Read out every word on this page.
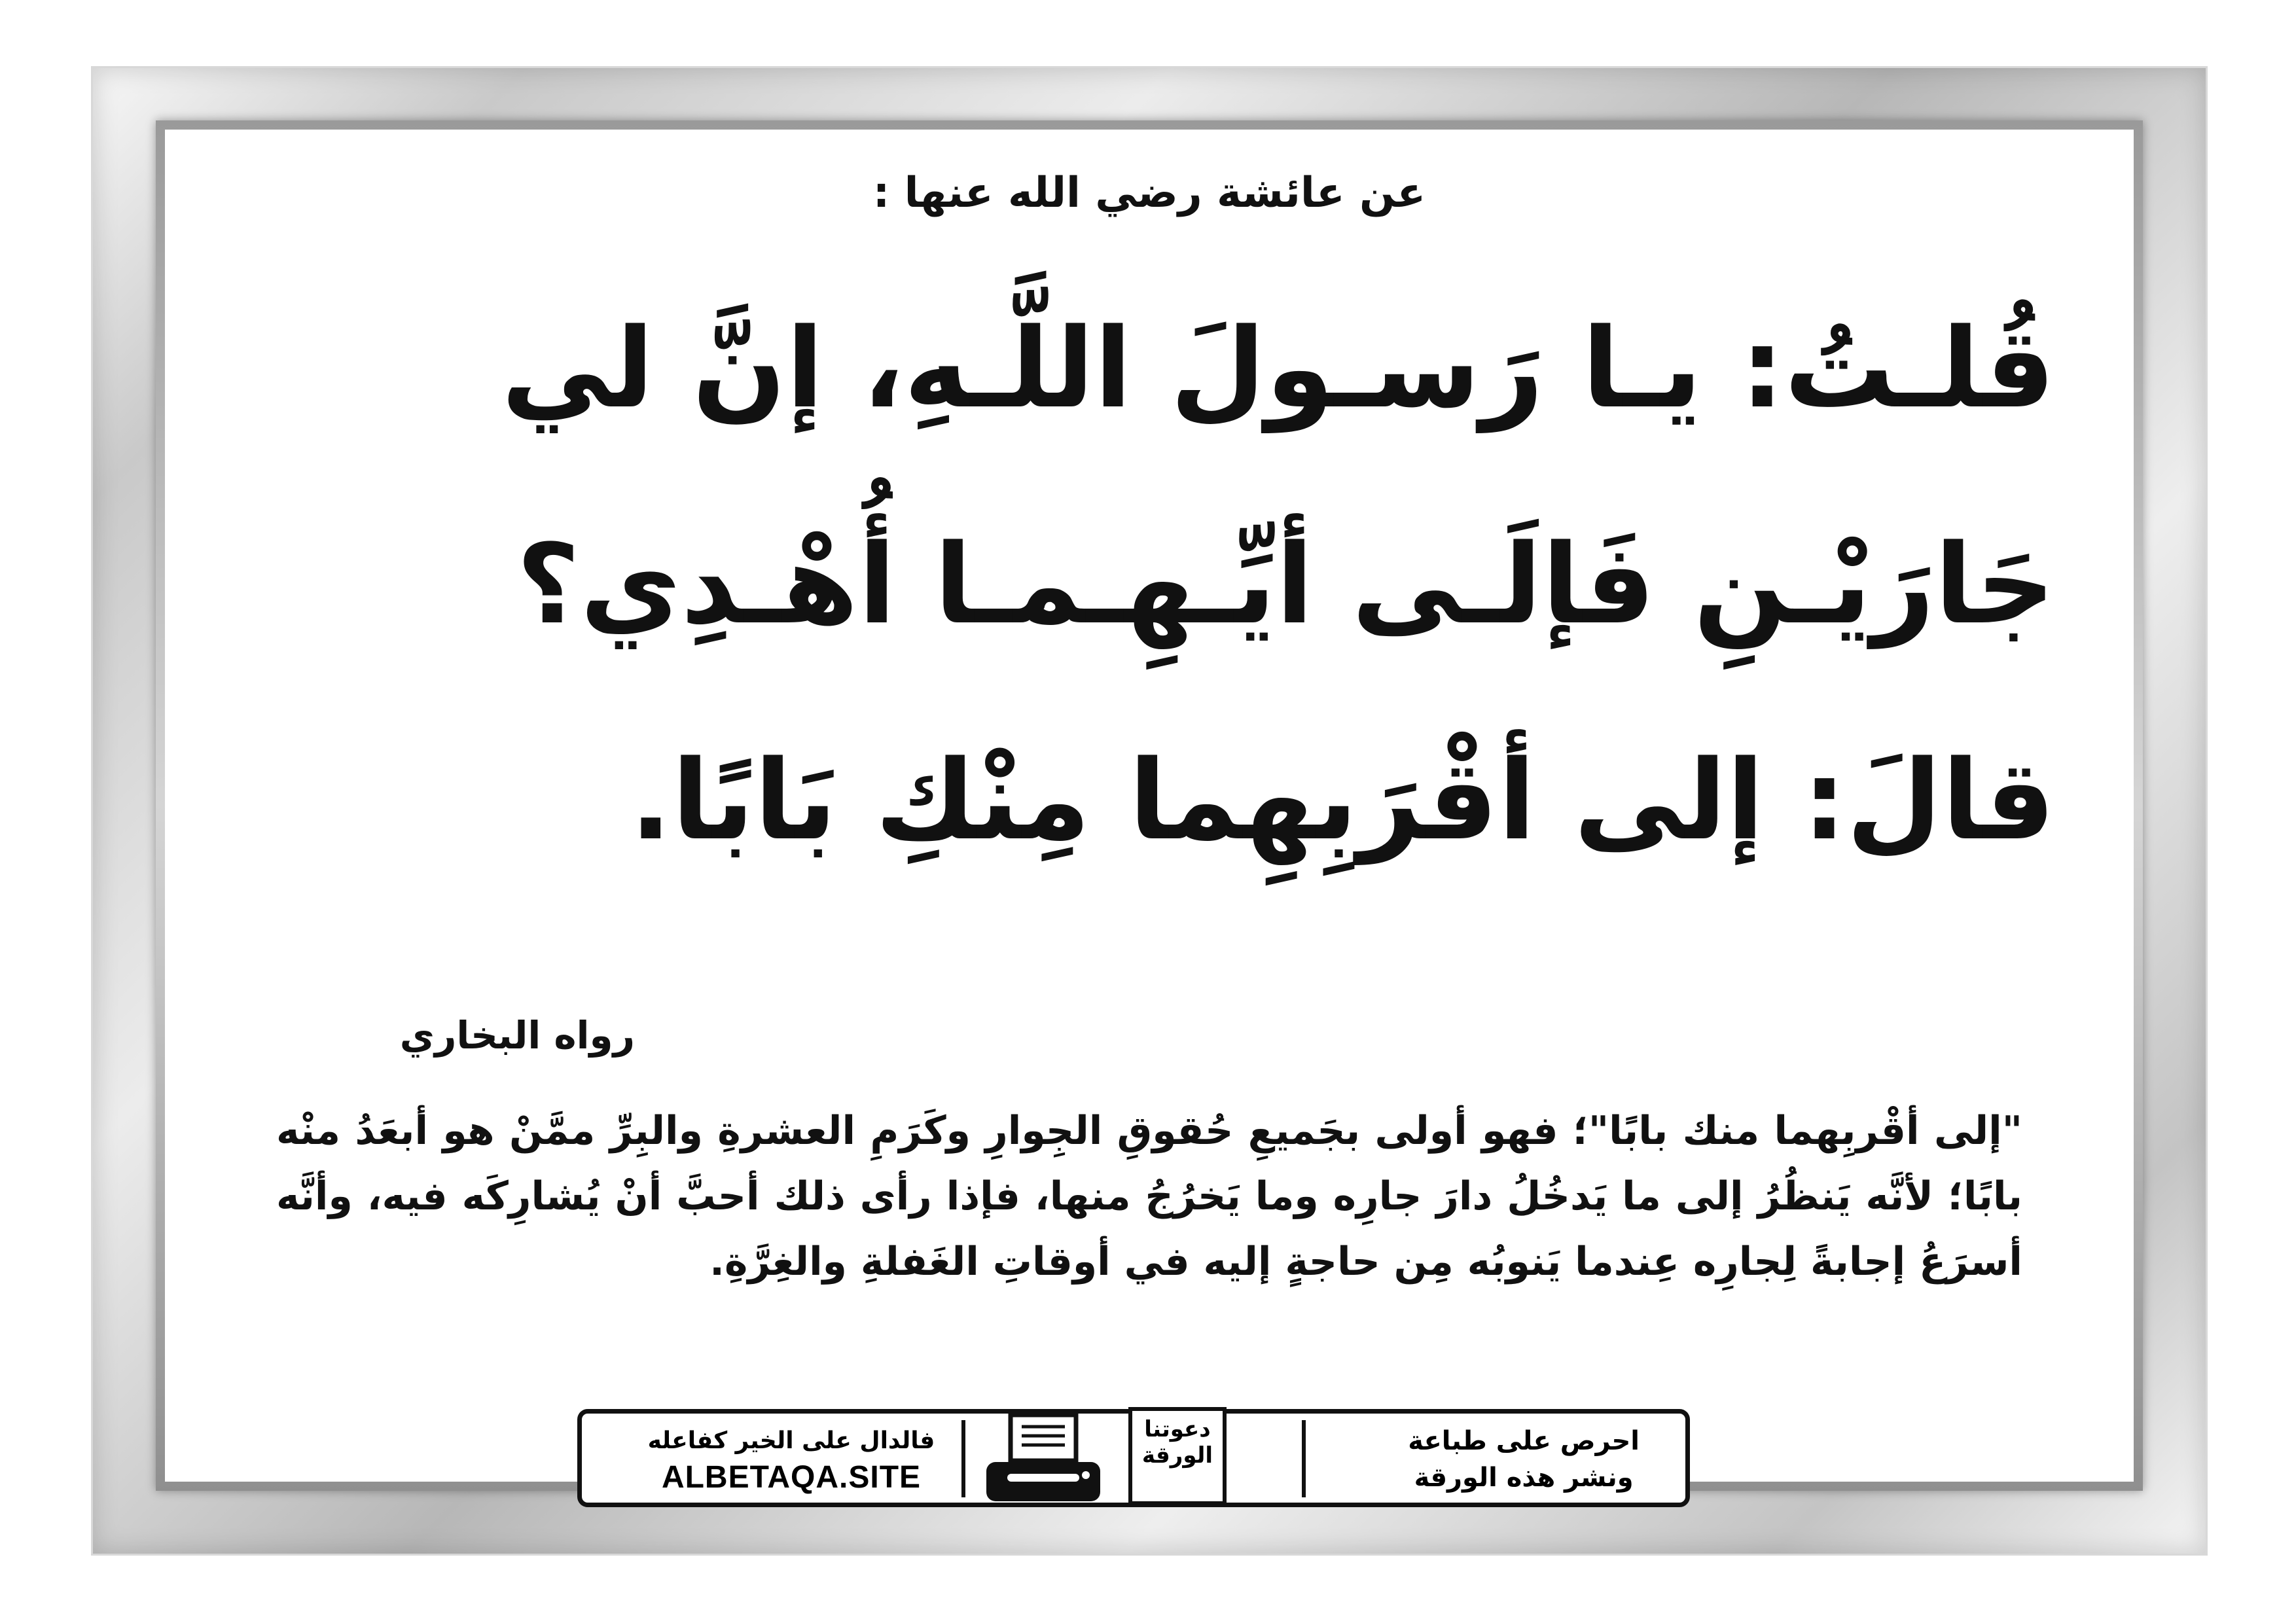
عن عائشة رضي الله عنها :
قُلـتُ: يـا رَسـولَ اللَّـهِ، إنَّ لي
جَارَيْـنِ فَإلَـى أيِّـهِـمـا أُهْـدِي؟
قالَ: إلى أقْرَبِهِما مِنْكِ بَابًا.
رواه البخاري
"إلى أقْربِهما منك بابًا"؛ فهو أولى بجَميعِ حُقوقِ الجِوارِ وكَرَمِ العشرةِ والبِرِّ ممَّنْ هو أبعَدُ منْه بابًا؛ لأنَّه يَنظُرُ إلى ما يَدخُلُ دارَ جارِه وما يَخرُجُ منها، فإذا رأى ذلك أحبَّ أنْ يُشارِكَه فيه، وأنَّه أسرَعُ إجابةً لِجارِه عِندما يَنوبُه مِن حاجةٍ إليه في أوقاتِ الغَفلةِ والغِرَّةِ.
احرص على طباعة
ونشر هذه الورقة
دعوتنا الورقة
فالدال على الخير كفاعله
ALBETAQA.SITE
